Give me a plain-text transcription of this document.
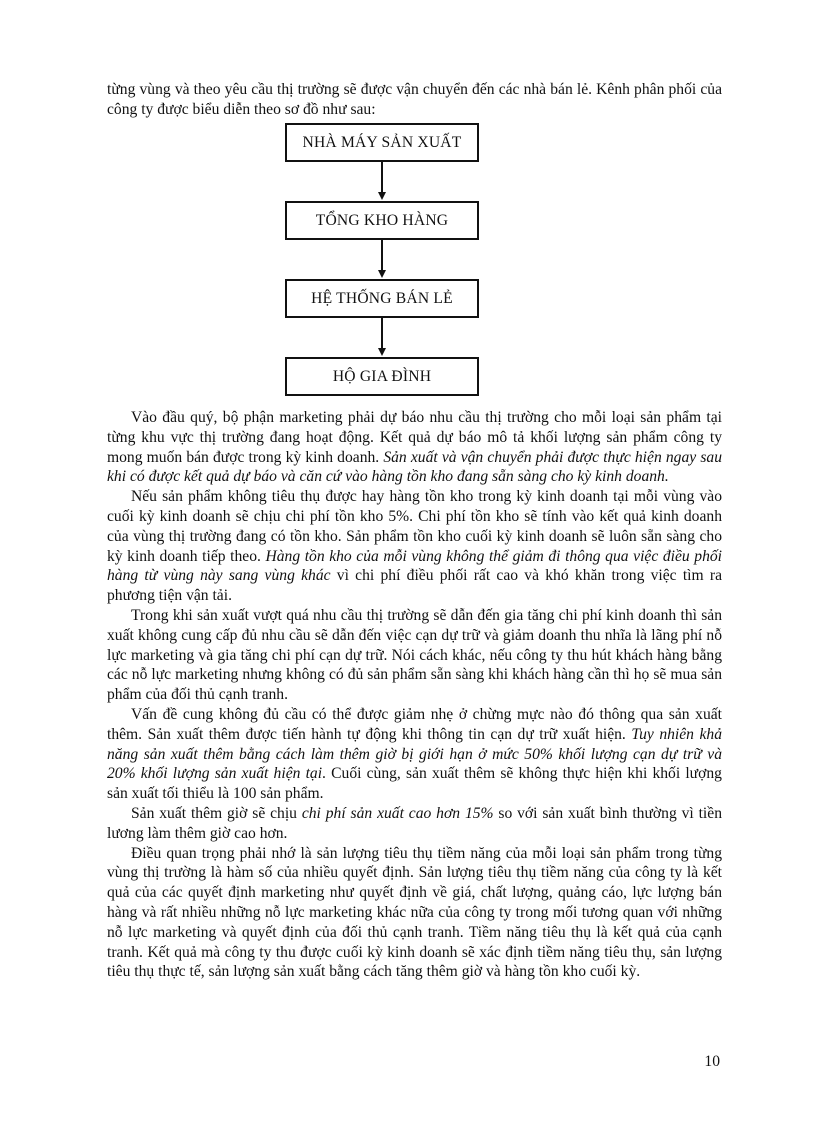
từng vùng và theo yêu cầu thị trường sẽ được vận chuyển đến các nhà bán lẻ. Kênh phân phối của công ty được biểu diễn theo sơ đồ như sau:

NHÀ MÁY SẢN XUẤT
TỔNG KHO HÀNG
HỆ THỐNG BÁN LẺ
HỘ GIA ĐÌNH

Vào đầu quý, bộ phận marketing phải dự báo nhu cầu thị trường cho mỗi loại sản phẩm tại từng khu vực thị trường đang hoạt động. Kết quả dự báo mô tả khối lượng sản phẩm công ty mong muốn bán được trong kỳ kinh doanh. Sản xuất và vận chuyển phải được thực hiện ngay sau khi có được kết quả dự báo và căn cứ vào hàng tồn kho đang sẵn sàng cho kỳ kinh doanh.

Nếu sản phẩm không tiêu thụ được hay hàng tồn kho trong kỳ kinh doanh tại mỗi vùng vào cuối kỳ kinh doanh sẽ chịu chi phí tồn kho 5%. Chi phí tồn kho sẽ tính vào kết quả kinh doanh của vùng thị trường đang có tồn kho. Sản phẩm tồn kho cuối kỳ kinh doanh sẽ luôn sẵn sàng cho kỳ kinh doanh tiếp theo. Hàng tồn kho của mỗi vùng không thể giảm đi thông qua việc điều phối hàng từ vùng này sang vùng khác vì chi phí điều phối rất cao và khó khăn trong việc tìm ra phương tiện vận tải.

Trong khi sản xuất vượt quá nhu cầu thị trường sẽ dẫn đến gia tăng chi phí kinh doanh thì sản xuất không cung cấp đủ nhu cầu sẽ dẫn đến việc cạn dự trữ và giảm doanh thu nhĩa là lãng phí nỗ lực marketing và gia tăng chi phí cạn dự trữ. Nói cách khác, nếu công ty thu hút khách hàng bằng các nỗ lực marketing nhưng không có đủ sản phẩm sẵn sàng khi khách hàng cần thì họ sẽ mua sản phẩm của đối thủ cạnh tranh.

Vấn đề cung không đủ cầu có thể được giảm nhẹ ở chừng mực nào đó thông qua sản xuất thêm. Sản xuất thêm được tiến hành tự động khi thông tin cạn dự trữ xuất hiện. Tuy nhiên khả năng sản xuất thêm bằng cách làm thêm giờ bị giới hạn ở mức 50% khối lượng cạn dự trữ và 20% khối lượng sản xuất hiện tại. Cuối cùng, sản xuất thêm sẽ không thực hiện khi khối lượng sản xuất tối thiểu là 100 sản phẩm.

Sản xuất thêm giờ sẽ chịu chi phí sản xuất cao hơn 15% so với sản xuất bình thường vì tiền lương làm thêm giờ cao hơn.

Điều quan trọng phải nhớ là sản lượng tiêu thụ tiềm năng của mỗi loại sản phẩm trong từng vùng thị trường là hàm số của nhiều quyết định. Sản lượng tiêu thụ tiềm năng của công ty là kết quả của các quyết định marketing như quyết định về giá, chất lượng, quảng cáo, lực lượng bán hàng và rất nhiều những nỗ lực marketing khác nữa của công ty trong mối tương quan với những nỗ lực marketing và quyết định của đối thủ cạnh tranh. Tiềm năng tiêu thụ là kết quả của cạnh tranh. Kết quả mà công ty thu được cuối kỳ kinh doanh sẽ xác định tiềm năng tiêu thụ, sản lượng tiêu thụ thực tế, sản lượng sản xuất bằng cách tăng thêm giờ và hàng tồn kho cuối kỳ.

10
